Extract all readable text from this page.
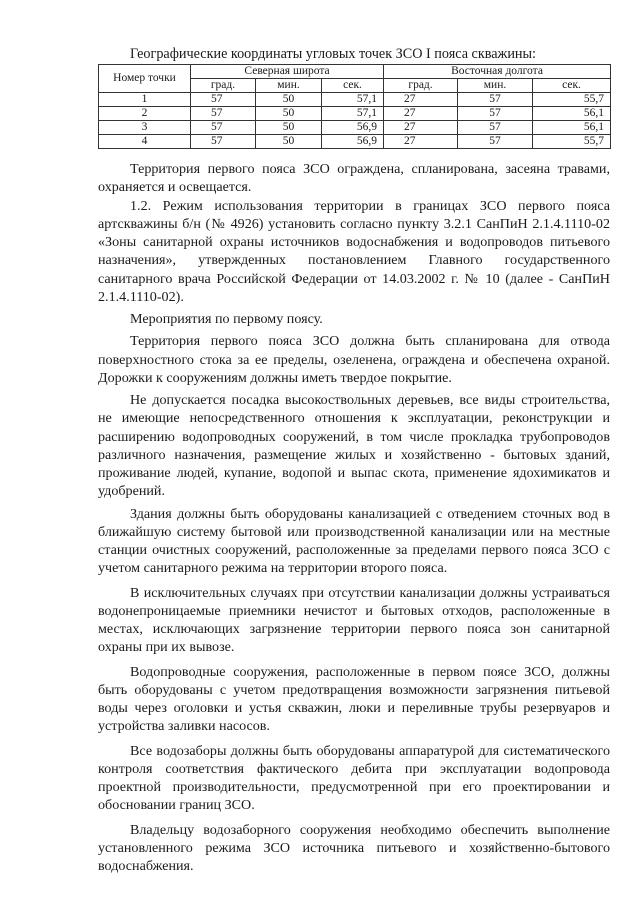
Географические координаты угловых точек ЗСО I пояса скважины:
Номер точки	Северная широта			Восточная долгота		
	град.	мин.	сек.	град.	мин.	сек.
1	57	50	57,1	27	57	55,7
2	57	50	57,1	27	57	56,1
3	57	50	56,9	27	57	56,1
4	57	50	56,9	27	57	55,7

Территория первого пояса ЗСО ограждена, спланирована, засеяна травами, охраняется и освещается.

1.2. Режим использования территории в границах ЗСО первого пояса артскважины б/н (№ 4926) установить согласно пункту 3.2.1 СанПиН 2.1.4.1110-02 «Зоны санитарной охраны источников водоснабжения и водопроводов питьевого назначения», утвержденных постановлением Главного государственного санитарного врача Российской Федерации от 14.03.2002 г. № 10 (далее - СанПиН 2.1.4.1110-02).

Мероприятия по первому поясу.

Территория первого пояса ЗСО должна быть спланирована для отвода поверхностного стока за ее пределы, озеленена, ограждена и обеспечена охраной. Дорожки к сооружениям должны иметь твердое покрытие.

Не допускается посадка высокоствольных деревьев, все виды строительства, не имеющие непосредственного отношения к эксплуатации, реконструкции и расширению водопроводных сооружений, в том числе прокладка трубопроводов различного назначения, размещение жилых и хозяйственно - бытовых зданий, проживание людей, купание, водопой и выпас скота, применение ядохимикатов и удобрений.

Здания должны быть оборудованы канализацией с отведением сточных вод в ближайшую систему бытовой или производственной канализации или на местные станции очистных сооружений, расположенные за пределами первого пояса ЗСО с учетом санитарного режима на территории второго пояса.

В исключительных случаях при отсутствии канализации должны устраиваться водонепроницаемые приемники нечистот и бытовых отходов, расположенные в местах, исключающих загрязнение территории первого пояса зон санитарной охраны при их вывозе.

Водопроводные сооружения, расположенные в первом поясе ЗСО, должны быть оборудованы с учетом предотвращения возможности загрязнения питьевой воды через оголовки и устья скважин, люки и переливные трубы резервуаров и устройства заливки насосов.

Все водозаборы должны быть оборудованы аппаратурой для систематического контроля соответствия фактического дебита при эксплуатации водопровода проектной производительности, предусмотренной при его проектировании и обосновании границ ЗСО.

Владельцу водозаборного сооружения необходимо обеспечить выполнение установленного режима ЗСО источника питьевого и хозяйственно-бытового водоснабжения.
